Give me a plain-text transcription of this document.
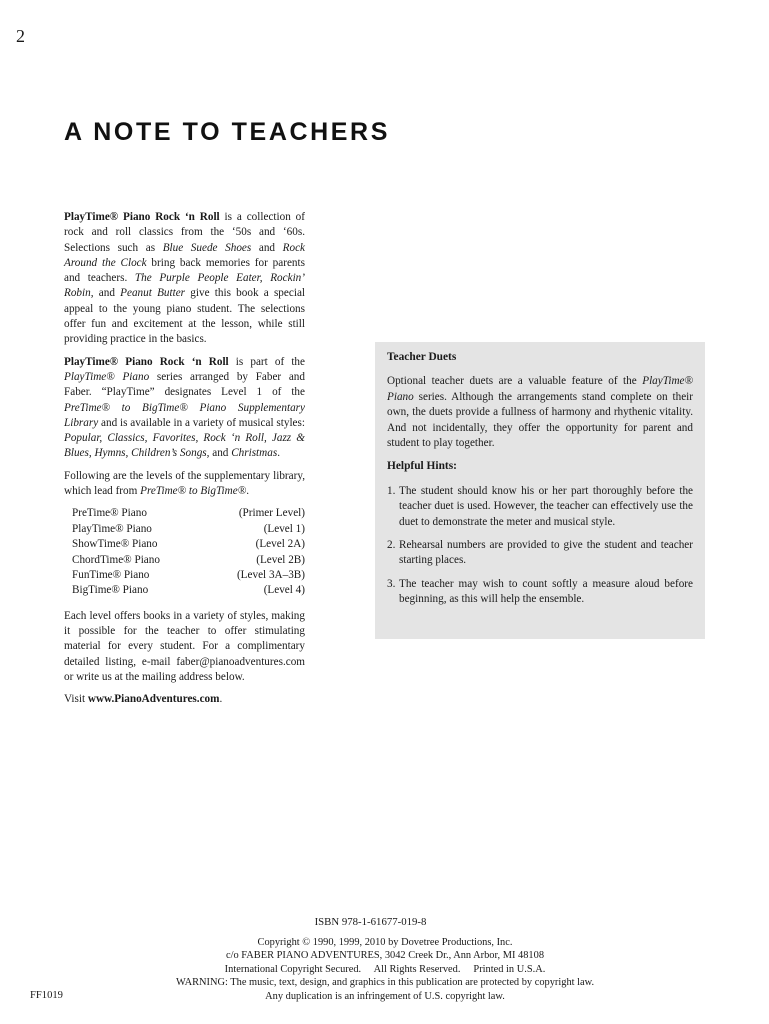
2
A NOTE TO TEACHERS

PlayTime® Piano Rock ‘n Roll is a collection of rock and roll classics from the ‘50s and ‘60s. Selections such as Blue Suede Shoes and Rock Around the Clock bring back memories for parents and teachers. The Purple People Eater, Rockin’ Robin, and Peanut Butter give this book a special appeal to the young piano student. The selections offer fun and excitement at the lesson, while still providing practice in the basics.

PlayTime® Piano Rock ‘n Roll is part of the PlayTime® Piano series arranged by Faber and Faber. “PlayTime” designates Level 1 of the PreTime® to BigTime® Piano Supplementary Library and is available in a variety of musical styles: Popular, Classics, Favorites, Rock ‘n Roll, Jazz & Blues, Hymns, Children’s Songs, and Christmas.

Following are the levels of the supplementary library, which lead from PreTime® to BigTime®.

PreTime® Piano	(Primer Level)
PlayTime® Piano	(Level 1)
ShowTime® Piano	(Level 2A)
ChordTime® Piano	(Level 2B)
FunTime® Piano	(Level 3A–3B)
BigTime® Piano	(Level 4)

Each level offers books in a variety of styles, making it possible for the teacher to offer stimulating material for every student. For a complimentary detailed listing, e-mail faber@pianoadventures.com or write us at the mailing address below.

Visit www.PianoAdventures.com.

Teacher Duets

Optional teacher duets are a valuable feature of the PlayTime® Piano series. Although the arrangements stand complete on their own, the duets provide a fullness of harmony and rhythenic vitality. And not incidentally, they offer the opportunity for parent and student to play together.

Helpful Hints:
1. The student should know his or her part thoroughly before the teacher duet is used. However, the teacher can effectively use the duet to demonstrate the meter and musical style.
2. Rehearsal numbers are provided to give the student and teacher starting places.
3. The teacher may wish to count softly a measure aloud before beginning, as this will help the ensemble.
ISBN 978-1-61677-019-8
Copyright © 1990, 1999, 2010 by Dovetree Productions, Inc.
c/o FABER PIANO ADVENTURES, 3042 Creek Dr., Ann Arbor, MI 48108
International Copyright Secured.     All Rights Reserved.     Printed in U.S.A.
WARNING: The music, text, design, and graphics in this publication are protected by copyright law.
Any duplication is an infringement of U.S. copyright law.
FF1019
